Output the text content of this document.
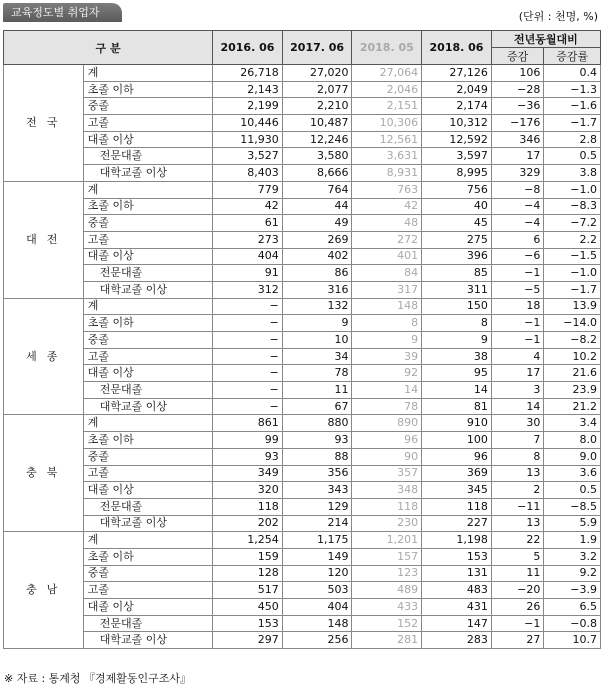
교육정도별 취업자	(단위 : 천명, %)
구 분		2016. 06	2017. 06	2018. 05	2018. 06	전년동월대비	
						증감	증감률
전 국	계	26,718	27,020	27,064	27,126	106	0.4
	초졸 이하	2,143	2,077	2,046	2,049	−28	−1.3
	중졸	2,199	2,210	2,151	2,174	−36	−1.6
	고졸	10,446	10,487	10,306	10,312	−176	−1.7
	대졸 이상	11,930	12,246	12,561	12,592	346	2.8
	전문대졸	3,527	3,580	3,631	3,597	17	0.5
	대학교졸 이상	8,403	8,666	8,931	8,995	329	3.8
대 전	계	779	764	763	756	−8	−1.0
	초졸 이하	42	44	42	40	−4	−8.3
	중졸	61	49	48	45	−4	−7.2
	고졸	273	269	272	275	6	2.2
	대졸 이상	404	402	401	396	−6	−1.5
	전문대졸	91	86	84	85	−1	−1.0
	대학교졸 이상	312	316	317	311	−5	−1.7
세 종	계	−	132	148	150	18	13.9
	초졸 이하	−	9	8	8	−1	−14.0
	중졸	−	10	9	9	−1	−8.2
	고졸	−	34	39	38	4	10.2
	대졸 이상	−	78	92	95	17	21.6
	전문대졸	−	11	14	14	3	23.9
	대학교졸 이상	−	67	78	81	14	21.2
충 북	계	861	880	890	910	30	3.4
	초졸 이하	99	93	96	100	7	8.0
	중졸	93	88	90	96	8	9.0
	고졸	349	356	357	369	13	3.6
	대졸 이상	320	343	348	345	2	0.5
	전문대졸	118	129	118	118	−11	−8.5
	대학교졸 이상	202	214	230	227	13	5.9
충 남	계	1,254	1,175	1,201	1,198	22	1.9
	초졸 이하	159	149	157	153	5	3.2
	중졸	128	120	123	131	11	9.2
	고졸	517	503	489	483	−20	−3.9
	대졸 이상	450	404	433	431	26	6.5
	전문대졸	153	148	152	147	−1	−0.8
	대학교졸 이상	297	256	281	283	27	10.7
※ 자료 : 통계청 『경제활동인구조사』
